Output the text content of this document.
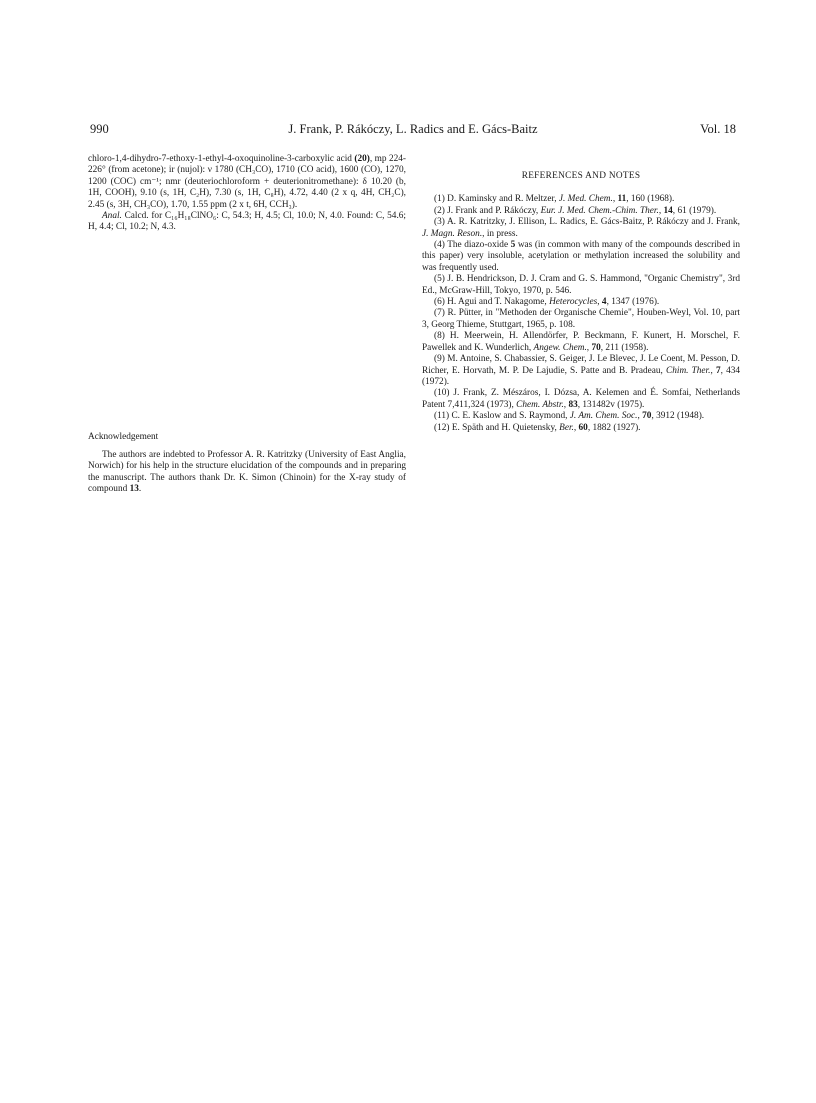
990	J. Frank, P. Rákóczy, L. Radics and E. Gács-Baitz	Vol. 18

chloro-1,4-dihydro-7-ethoxy-1-ethyl-4-oxoquinoline-3-carboxylic acid (20), mp 224-226° (from acetone); ir (nujol): ν 1780 (CH₃CO), 1710 (CO acid), 1600 (CO), 1270, 1200 (COC) cm⁻¹; nmr (deuteriochloroform + deuterionitromethane): δ 10.20 (b, 1H, COOH), 9.10 (s, 1H, C₂H), 7.30 (s, 1H, C₈H), 4.72, 4.40 (2 x q, 4H, CH₂C), 2.45 (s, 3H, CH₃CO), 1.70, 1.55 ppm (2 x t, 6H, CCH₃).

Anal. Calcd. for C₁₆H₁₈ClNO₆: C, 54.3; H, 4.5; Cl, 10.0; N, 4.0. Found: C, 54.6; H, 4.4; Cl, 10.2; N, 4.3.

Acknowledgement

The authors are indebted to Professor A. R. Katritzky (University of East Anglia, Norwich) for his help in the structure elucidation of the compounds and in preparing the manuscript. The authors thank Dr. K. Simon (Chinoin) for the X-ray study of compound 13.

REFERENCES AND NOTES

(1) D. Kaminsky and R. Meltzer, J. Med. Chem., 11, 160 (1968).

(2) J. Frank and P. Rákóczy, Eur. J. Med. Chem.-Chim. Ther., 14, 61 (1979).

(3) A. R. Katritzky, J. Ellison, L. Radics, E. Gács-Baitz, P. Rákóczy and J. Frank, J. Magn. Reson., in press.

(4) The diazo-oxide 5 was (in common with many of the compounds described in this paper) very insoluble, acetylation or methylation increased the solubility and was frequently used.

(5) J. B. Hendrickson, D. J. Cram and G. S. Hammond, "Organic Chemistry", 3rd Ed., McGraw-Hill, Tokyo, 1970, p. 546.

(6) H. Agui and T. Nakagome, Heterocycles, 4, 1347 (1976).

(7) R. Pütter, in "Methoden der Organische Chemie", Houben-Weyl, Vol. 10, part 3, Georg Thieme, Stuttgart, 1965, p. 108.

(8) H. Meerwein, H. Allendörfer, P. Beckmann, F. Kunert, H. Morschel, F. Pawellek and K. Wunderlich, Angew. Chem., 70, 211 (1958).

(9) M. Antoine, S. Chabassier, S. Geiger, J. Le Blevec, J. Le Coent, M. Pesson, D. Richer, E. Horvath, M. P. De Lajudie, S. Patte and B. Pradeau, Chim. Ther., 7, 434 (1972).

(10) J. Frank, Z. Mészáros, I. Dózsa, A. Kelemen and É. Somfai, Netherlands Patent 7,411,324 (1973), Chem. Abstr., 83, 131482v (1975).

(11) C. E. Kaslow and S. Raymond, J. Am. Chem. Soc., 70, 3912 (1948).

(12) E. Späth and H. Quietensky, Ber., 60, 1882 (1927).
